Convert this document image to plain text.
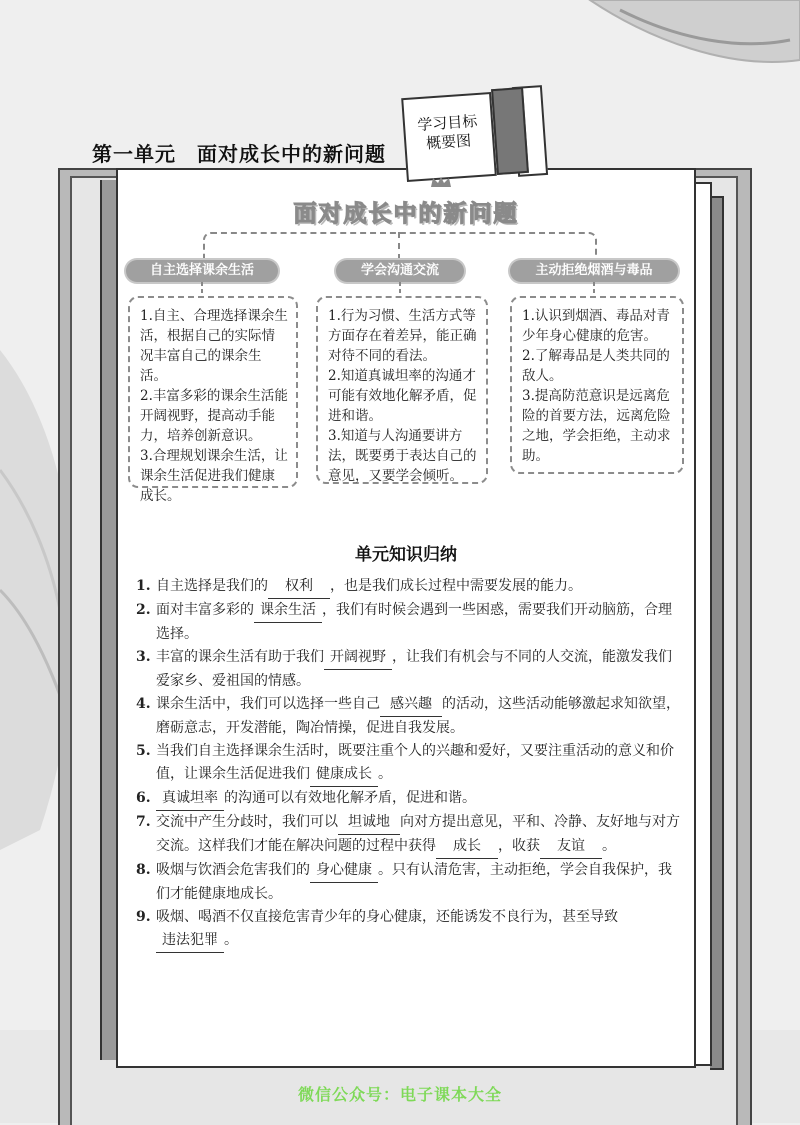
第一单元　面对成长中的新问题
学习目标
概要图
面对成长中的新问题
自主选择课余生活	学会沟通交流	主动拒绝烟酒与毒品

1.自主、合理选择课余生活，根据自己的实际情况丰富自己的课余生活。

2.丰富多彩的课余生活能开阔视野，提高动手能力，培养创新意识。

3.合理规划课余生活，让课余生活促进我们健康成长。

1.行为习惯、生活方式等方面存在着差异，能正确对待不同的看法。

2.知道真诚坦率的沟通才可能有效地化解矛盾，促进和谐。

3.知道与人沟通要讲方法，既要勇于表达自己的意见，又要学会倾听。

1.认识到烟酒、毒品对青少年身心健康的危害。

2.了解毒品是人类共同的敌人。

3.提高防范意识是远离危险的首要方法，远离危险之地，学会拒绝，主动求助。

单元知识归纳
1. 自主选择是我们的 权利 ，也是我们成长过程中需要发展的能力。
2. 面对丰富多彩的 课余生活 ，我们有时候会遇到一些困惑，需要我们开动脑筋，合理选择。
3. 丰富的课余生活有助于我们 开阔视野 ，让我们有机会与不同的人交流，能激发我们爱家乡、爱祖国的情感。
4. 课余生活中，我们可以选择一些自己 感兴趣 的活动，这些活动能够激起求知欲望，磨砺意志，开发潜能，陶冶情操，促进自我发展。
5. 当我们自主选择课余生活时，既要注重个人的兴趣和爱好，又要注重活动的意义和价值，让课余生活促进我们 健康成长 。
6. 真诚坦率 的沟通可以有效地化解矛盾，促进和谐。
7. 交流中产生分歧时，我们可以 坦诚地 向对方提出意见，平和、冷静、友好地与对方交流。这样我们才能在解决问题的过程中获得 成长 ，收获 友谊 。
8. 吸烟与饮酒会危害我们的 身心健康 。只有认清危害，主动拒绝，学会自我保护，我们才能健康地成长。
9. 吸烟、喝酒不仅直接危害青少年的身心健康，还能诱发不良行为，甚至导致违法犯罪 。
微信公众号：电子课本大全
